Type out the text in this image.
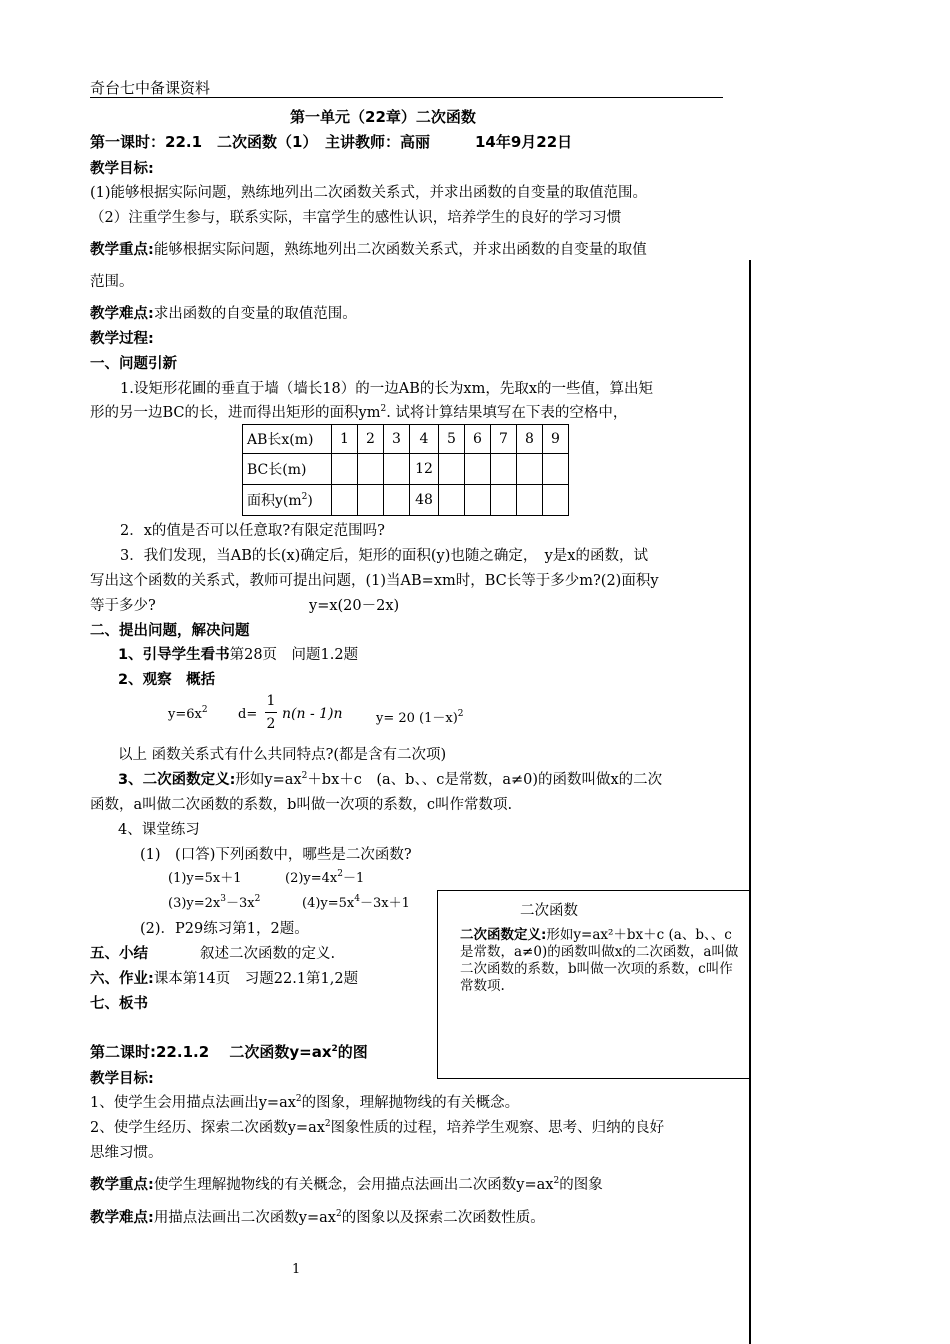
奇台七中备课资料
第一单元（22章）二次函数
第一课时：22.1　二次函数（1）　主讲教师：高丽　　　14年9月22日
教学目标:
(1)能够根据实际问题，熟练地列出二次函数关系式，并求出函数的自变量的取值范围。
（2）注重学生参与，联系实际，丰富学生的感性认识，培养学生的良好的学习习惯
教学重点:能够根据实际问题，熟练地列出二次函数关系式，并求出函数的自变量的取值
范围。
教学难点:求出函数的自变量的取值范围。
教学过程:
一、问题引新
1.设矩形花圃的垂直于墙（墙长18）的一边AB的长为xm，先取x的一些值，算出矩
形的另一边BC的长，进而得出矩形的面积$ym^2$. 试将计算结果填写在下表的空格中，
AB长x(m)	1	2	3	4	5	6	7	8	9
BC长(m)				12					
面积$y(m^2)$				48					
2．x的值是否可以任意取?有限定范围吗?
3．我们发现，当AB的长(x)确定后，矩形的面积(y)也随之确定，　y是x的函数，试
写出这个函数的关系式，教师可提出问题，(1)当AB=xm时，BC长等于多少m?(2)面积y
等于多少?	y=x(20－2x)
二、提出问题，解决问题
1、引导学生看书第28页　问题1.2题
2、观察　概括
$y=6x^2$ d=
1
2
n(n - 1)n	y= 20 $(1-x)^2$
以上 函数关系式有什么共同特点?(都是含有二次项)
3、二次函数定义:形如$y=ax^2+bx+c$　(a、b、、c是常数，a≠0)的函数叫做x的二次
函数，a叫做二次函数的系数，b叫做一次项的系数，c叫作常数项.
4、课堂练习
(1)　(口答)下列函数中，哪些是二次函数?
(1)y=5x＋1	$(2)y=4x^2-1$
$(3)y=2x^3-3x^2$	$(4)y=5x^4-3x+1$
(2)．P29练习第1，2题。
五、小结	叙述二次函数的定义.
六、作业:课本第14页　习题22.1第1,2题
七、板书
第二课时:22.1.2　 二次函数$y=ax^2$的图
二次函数

二次函数定义:形如y=ax²＋bx＋c (a、b、、c是常数，a≠0)的函数叫做x的二次函数，a叫做二次函数的系数，b叫做一次项的系数，c叫作常数项.

教学目标:
1、使学生会用描点法画出$y=ax^2$的图象，理解抛物线的有关概念。
2、使学生经历、探索二次函数$y=ax^2$图象性质的过程，培养学生观察、思考、归纳的良好
思维习惯。
教学重点:使学生理解抛物线的有关概念，会用描点法画出二次函数$y=ax^2$的图象
教学难点:用描点法画出二次函数$y=ax^2$的图象以及探索二次函数性质。
1
